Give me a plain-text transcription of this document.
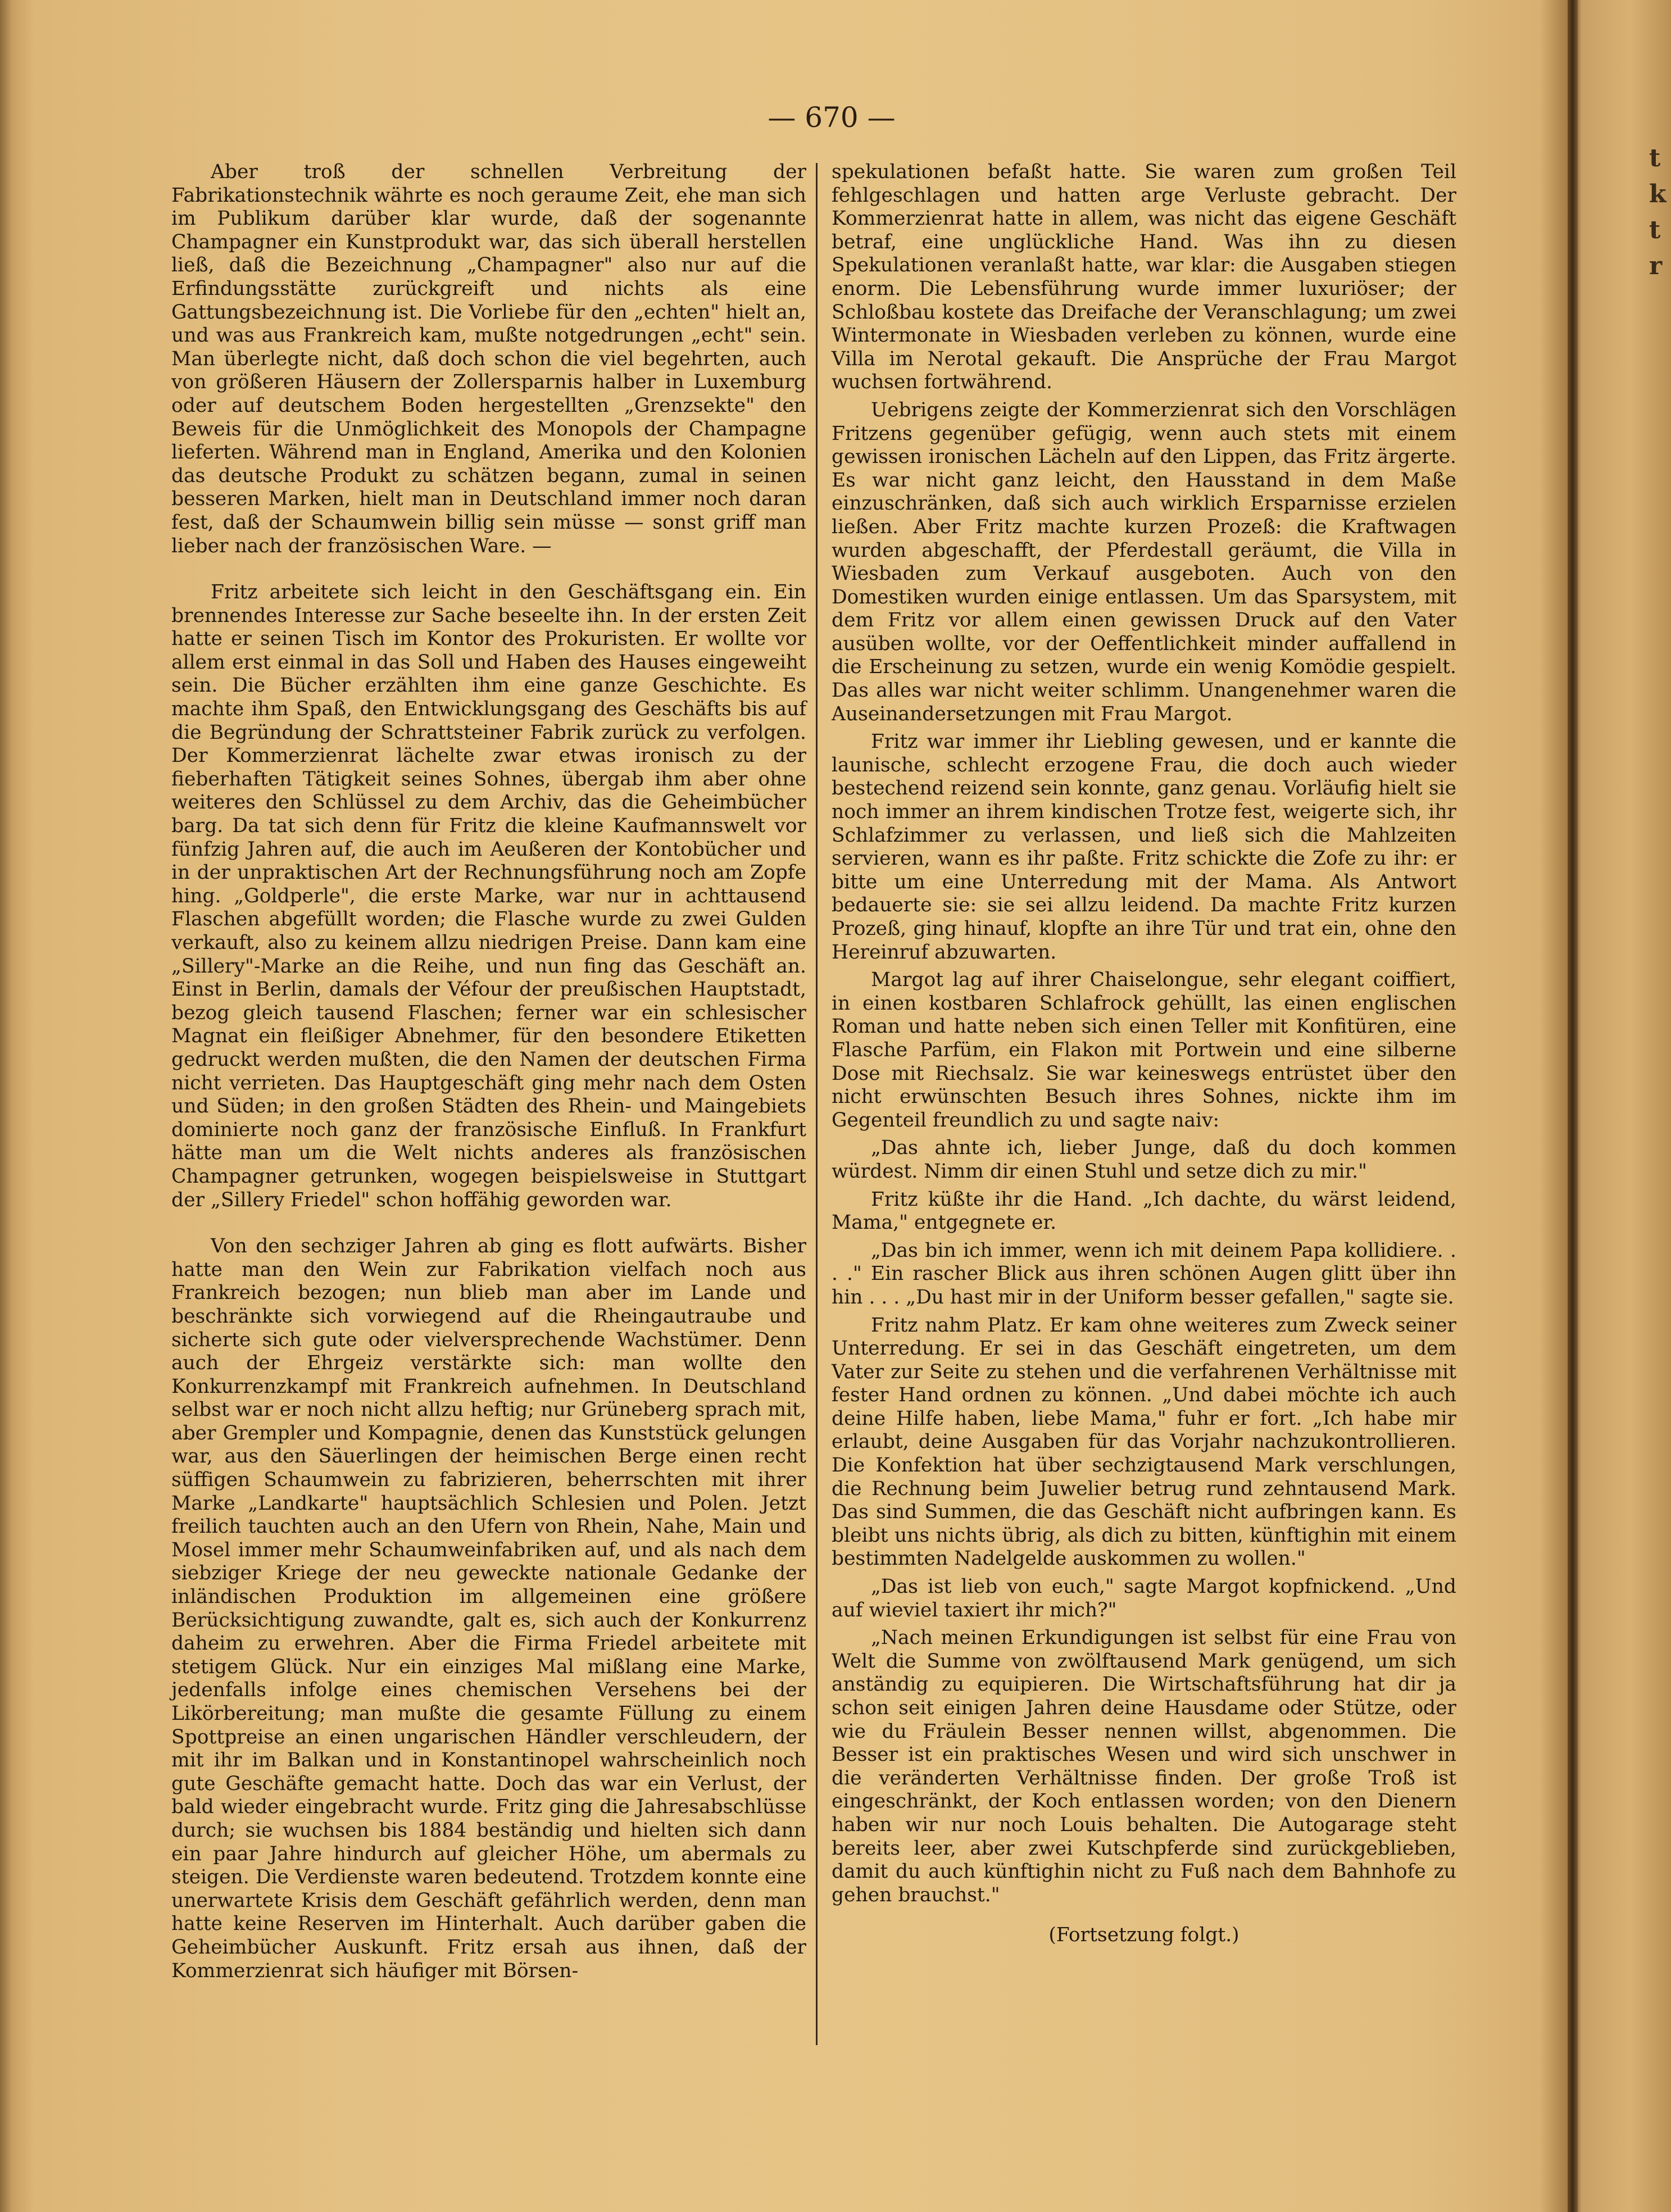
t
k
t
r
— 670 —

Aber troß der schnellen Verbreitung der Fabrikationstechnik währte es noch geraume Zeit, ehe man sich im Publikum darüber klar wurde, daß der sogenannte Champagner ein Kunstprodukt war, das sich überall herstellen ließ, daß die Bezeichnung „Champagner" also nur auf die Erfindungsstätte zurückgreift und nichts als eine Gattungsbezeichnung ist. Die Vorliebe für den „echten" hielt an, und was aus Frankreich kam, mußte notgedrungen „echt" sein. Man überlegte nicht, daß doch schon die viel begehrten, auch von größeren Häusern der Zollersparnis halber in Luxemburg oder auf deutschem Boden hergestellten „Grenzsekte" den Beweis für die Unmöglichkeit des Monopols der Champagne lieferten. Während man in England, Amerika und den Kolonien das deutsche Produkt zu schätzen begann, zumal in seinen besseren Marken, hielt man in Deutschland immer noch daran fest, daß der Schaumwein billig sein müsse — sonst griff man lieber nach der französischen Ware. —

Fritz arbeitete sich leicht in den Geschäftsgang ein. Ein brennendes Interesse zur Sache beseelte ihn. In der ersten Zeit hatte er seinen Tisch im Kontor des Prokuristen. Er wollte vor allem erst einmal in das Soll und Haben des Hauses eingeweiht sein. Die Bücher erzählten ihm eine ganze Geschichte. Es machte ihm Spaß, den Entwicklungsgang des Geschäfts bis auf die Begründung der Schrattsteiner Fabrik zurück zu verfolgen. Der Kommerzienrat lächelte zwar etwas ironisch zu der fieberhaften Tätigkeit seines Sohnes, übergab ihm aber ohne weiteres den Schlüssel zu dem Archiv, das die Geheimbücher barg. Da tat sich denn für Fritz die kleine Kaufmannswelt vor fünfzig Jahren auf, die auch im Aeußeren der Kontobücher und in der unpraktischen Art der Rechnungsführung noch am Zopfe hing. „Goldperle", die erste Marke, war nur in achttausend Flaschen abgefüllt worden; die Flasche wurde zu zwei Gulden verkauft, also zu keinem allzu niedrigen Preise. Dann kam eine „Sillery"-Marke an die Reihe, und nun fing das Geschäft an. Einst in Berlin, damals der Véfour der preußischen Hauptstadt, bezog gleich tausend Flaschen; ferner war ein schlesischer Magnat ein fleißiger Abnehmer, für den besondere Etiketten gedruckt werden mußten, die den Namen der deutschen Firma nicht verrieten. Das Hauptgeschäft ging mehr nach dem Osten und Süden; in den großen Städten des Rhein- und Maingebiets dominierte noch ganz der französische Einfluß. In Frankfurt hätte man um die Welt nichts anderes als französischen Champagner getrunken, wogegen beispielsweise in Stuttgart der „Sillery Friedel" schon hoffähig geworden war.

Von den sechziger Jahren ab ging es flott aufwärts. Bisher hatte man den Wein zur Fabrikation vielfach noch aus Frankreich bezogen; nun blieb man aber im Lande und beschränkte sich vorwiegend auf die Rheingautraube und sicherte sich gute oder vielversprechende Wachstümer. Denn auch der Ehrgeiz verstärkte sich: man wollte den Konkurrenzkampf mit Frankreich aufnehmen. In Deutschland selbst war er noch nicht allzu heftig; nur Grüneberg sprach mit, aber Grempler und Kompagnie, denen das Kunststück gelungen war, aus den Säuerlingen der heimischen Berge einen recht süffigen Schaumwein zu fabrizieren, beherrschten mit ihrer Marke „Landkarte" hauptsächlich Schlesien und Polen. Jetzt freilich tauchten auch an den Ufern von Rhein, Nahe, Main und Mosel immer mehr Schaumweinfabriken auf, und als nach dem siebziger Kriege der neu geweckte nationale Gedanke der inländischen Produktion im allgemeinen eine größere Berücksichtigung zuwandte, galt es, sich auch der Konkurrenz daheim zu erwehren. Aber die Firma Friedel arbeitete mit stetigem Glück. Nur ein einziges Mal mißlang eine Marke, jedenfalls infolge eines chemischen Versehens bei der Likörbereitung; man mußte die gesamte Füllung zu einem Spottpreise an einen ungarischen Händler verschleudern, der mit ihr im Balkan und in Konstantinopel wahrscheinlich noch gute Geschäfte gemacht hatte. Doch das war ein Verlust, der bald wieder eingebracht wurde. Fritz ging die Jahresabschlüsse durch; sie wuchsen bis 1884 beständig und hielten sich dann ein paar Jahre hindurch auf gleicher Höhe, um abermals zu steigen. Die Verdienste waren bedeutend. Trotzdem konnte eine unerwartete Krisis dem Geschäft gefährlich werden, denn man hatte keine Reserven im Hinterhalt. Auch darüber gaben die Geheimbücher Auskunft. Fritz ersah aus ihnen, daß der Kommerzienrat sich häufiger mit Börsen-

spekulationen befaßt hatte. Sie waren zum großen Teil fehlgeschlagen und hatten arge Verluste gebracht. Der Kommerzienrat hatte in allem, was nicht das eigene Geschäft betraf, eine unglückliche Hand. Was ihn zu diesen Spekulationen veranlaßt hatte, war klar: die Ausgaben stiegen enorm. Die Lebensführung wurde immer luxuriöser; der Schloßbau kostete das Dreifache der Veranschlagung; um zwei Wintermonate in Wiesbaden verleben zu können, wurde eine Villa im Nerotal gekauft. Die Ansprüche der Frau Margot wuchsen fortwährend.

Uebrigens zeigte der Kommerzienrat sich den Vorschlägen Fritzens gegenüber gefügig, wenn auch stets mit einem gewissen ironischen Lächeln auf den Lippen, das Fritz ärgerte. Es war nicht ganz leicht, den Hausstand in dem Maße einzuschränken, daß sich auch wirklich Ersparnisse erzielen ließen. Aber Fritz machte kurzen Prozeß: die Kraftwagen wurden abgeschafft, der Pferdestall geräumt, die Villa in Wiesbaden zum Verkauf ausgeboten. Auch von den Domestiken wurden einige entlassen. Um das Sparsystem, mit dem Fritz vor allem einen gewissen Druck auf den Vater ausüben wollte, vor der Oeffentlichkeit minder auffallend in die Erscheinung zu setzen, wurde ein wenig Komödie gespielt. Das alles war nicht weiter schlimm. Unangenehmer waren die Auseinandersetzungen mit Frau Margot.

Fritz war immer ihr Liebling gewesen, und er kannte die launische, schlecht erzogene Frau, die doch auch wieder bestechend reizend sein konnte, ganz genau. Vorläufig hielt sie noch immer an ihrem kindischen Trotze fest, weigerte sich, ihr Schlafzimmer zu verlassen, und ließ sich die Mahlzeiten servieren, wann es ihr paßte. Fritz schickte die Zofe zu ihr: er bitte um eine Unterredung mit der Mama. Als Antwort bedauerte sie: sie sei allzu leidend. Da machte Fritz kurzen Prozeß, ging hinauf, klopfte an ihre Tür und trat ein, ohne den Hereinruf abzuwarten.

Margot lag auf ihrer Chaiselongue, sehr elegant coiffiert, in einen kostbaren Schlafrock gehüllt, las einen englischen Roman und hatte neben sich einen Teller mit Konfitüren, eine Flasche Parfüm, ein Flakon mit Portwein und eine silberne Dose mit Riechsalz. Sie war keineswegs entrüstet über den nicht erwünschten Besuch ihres Sohnes, nickte ihm im Gegenteil freundlich zu und sagte naiv:

„Das ahnte ich, lieber Junge, daß du doch kommen würdest. Nimm dir einen Stuhl und setze dich zu mir."

Fritz küßte ihr die Hand. „Ich dachte, du wärst leidend, Mama," entgegnete er.

„Das bin ich immer, wenn ich mit deinem Papa kollidiere. . . ." Ein rascher Blick aus ihren schönen Augen glitt über ihn hin . . . „Du hast mir in der Uniform besser gefallen," sagte sie.

Fritz nahm Platz. Er kam ohne weiteres zum Zweck seiner Unterredung. Er sei in das Geschäft eingetreten, um dem Vater zur Seite zu stehen und die verfahrenen Verhältnisse mit fester Hand ordnen zu können. „Und dabei möchte ich auch deine Hilfe haben, liebe Mama," fuhr er fort. „Ich habe mir erlaubt, deine Ausgaben für das Vorjahr nachzukontrollieren. Die Konfektion hat über sechzigtausend Mark verschlungen, die Rechnung beim Juwelier betrug rund zehntausend Mark. Das sind Summen, die das Geschäft nicht aufbringen kann. Es bleibt uns nichts übrig, als dich zu bitten, künftighin mit einem bestimmten Nadelgelde auskommen zu wollen."

„Das ist lieb von euch," sagte Margot kopfnickend. „Und auf wieviel taxiert ihr mich?"

„Nach meinen Erkundigungen ist selbst für eine Frau von Welt die Summe von zwölftausend Mark genügend, um sich anständig zu equipieren. Die Wirtschaftsführung hat dir ja schon seit einigen Jahren deine Hausdame oder Stütze, oder wie du Fräulein Besser nennen willst, abgenommen. Die Besser ist ein praktisches Wesen und wird sich unschwer in die veränderten Verhältnisse finden. Der große Troß ist eingeschränkt, der Koch entlassen worden; von den Dienern haben wir nur noch Louis behalten. Die Autogarage steht bereits leer, aber zwei Kutschpferde sind zurückgeblieben, damit du auch künftighin nicht zu Fuß nach dem Bahnhofe zu gehen brauchst."

(Fortsetzung folgt.)
